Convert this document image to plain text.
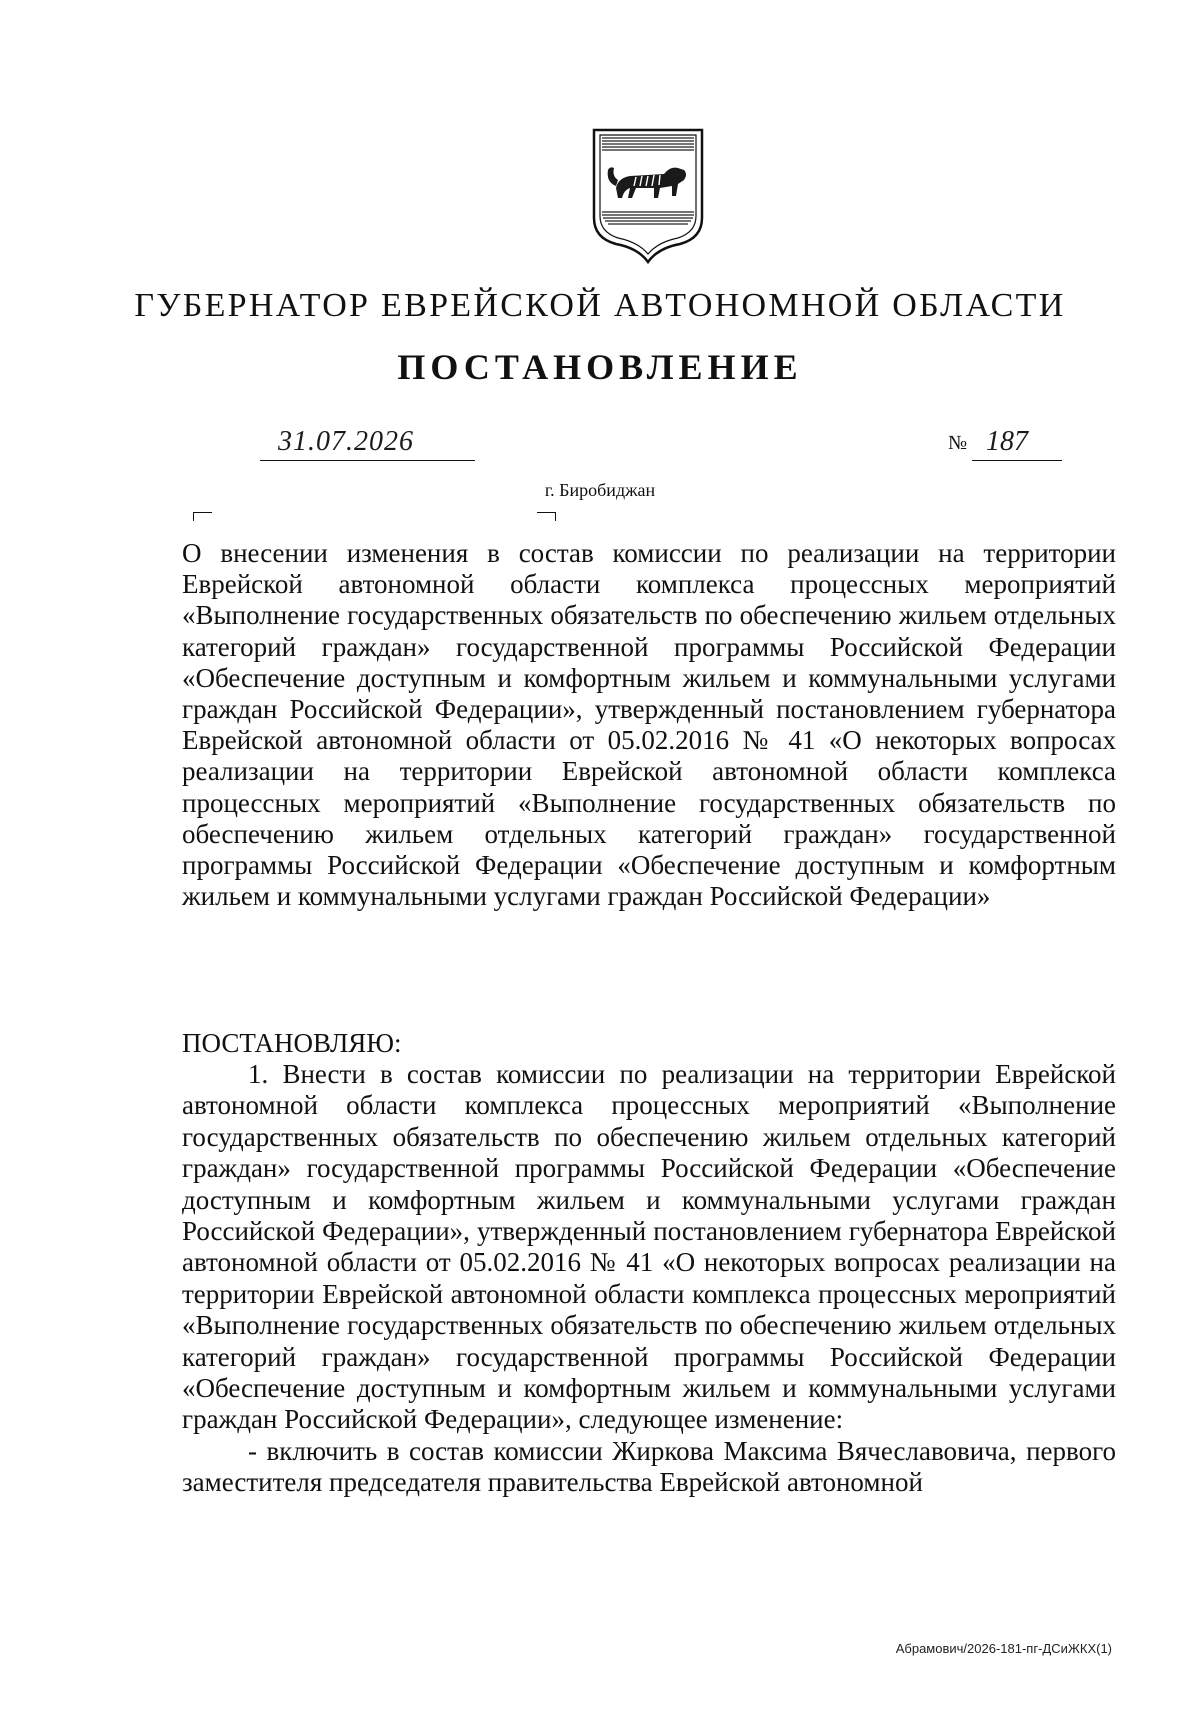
ГУБЕРНАТОР ЕВРЕЙСКОЙ АВТОНОМНОЙ ОБЛАСТИ
ПОСТАНОВЛЕНИЕ
31.07.2026	№ 187
г. Биробиджан
О внесении изменения в состав комиссии по реализации на территории Еврейской автономной области комплекса процессных мероприятий «Выполнение государственных обязательств по обеспечению жильем отдельных категорий граждан» государственной программы Российской Федерации «Обеспечение доступным и комфортным жильем и коммунальными услугами граждан Российской Федерации», утвержденный постановлением губернатора Еврейской автономной области от 05.02.2016 № 41 «О некоторых вопросах реализации на территории Еврейской автономной области комплекса процессных мероприятий «Выполнение государственных обязательств по обеспечению жильем отдельных категорий граждан» государственной программы Российской Федерации «Обеспечение доступным и комфортным жильем и коммунальными услугами граждан Российской Федерации»
ПОСТАНОВЛЯЮ:

1. Внести в состав комиссии по реализации на территории Еврейской автономной области комплекса процессных мероприятий «Выполнение государственных обязательств по обеспечению жильем отдельных категорий граждан» государственной программы Российской Федерации «Обеспечение доступным и комфортным жильем и коммунальными услугами граждан Российской Федерации», утвержденный постановлением губернатора Еврейской автономной области от 05.02.2016 № 41 «О некоторых вопросах реализации на территории Еврейской автономной области комплекса процессных мероприятий «Выполнение государственных обязательств по обеспечению жильем отдельных категорий граждан» государственной программы Российской Федерации «Обеспечение доступным и комфортным жильем и коммунальными услугами граждан Российской Федерации», следующее изменение:

- включить в состав комиссии Жиркова Максима Вячеславовича, первого заместителя председателя правительства Еврейской автономной

Абрамович/2026-181-пг-ДСиЖКХ(1)
